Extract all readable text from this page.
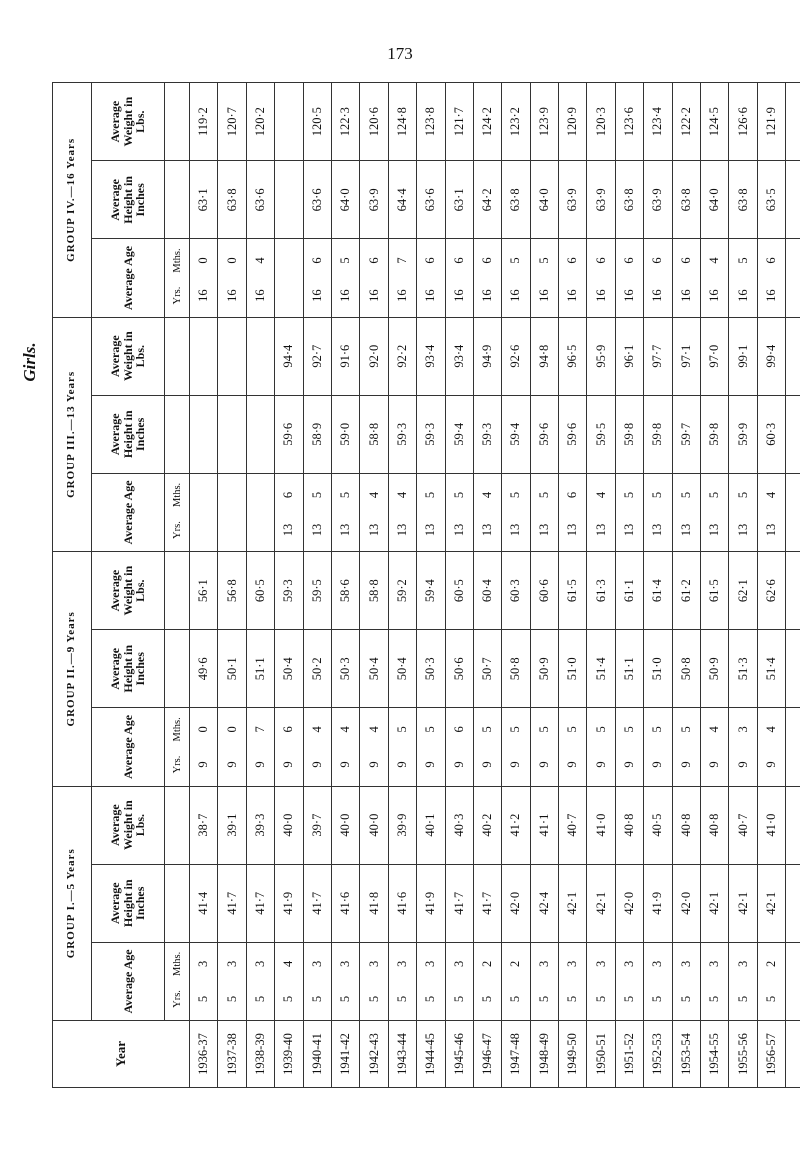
173
Girls.
Year	GROUP I.—5 Years			GROUP II.—9 Years			GROUP III.—13 Years			GROUP IV.—16 Years		
	Average Age	Average Height in Inches	Average Weight in Lbs.	Average Age	Average Height in Inches	Average Weight in Lbs.	Average Age	Average Height in Inches	Average Weight in Lbs.	Average Age	Average Height in Inches	Average Weight in Lbs.
	Yrs.Mths.			Yrs.Mths.			Yrs.Mths.			Yrs.Mths.		
1936-37	53	41·4	38·7	90	49·6	56·1				160	63·1	119·2
1937-38	53	41·7	39·1	90	50·1	56·8				160	63·8	120·7
1938-39	53	41·7	39·3	97	51·1	60·5				164	63·6	120·2
1939-40	54	41·9	40·0	96	50·4	59·3	136	59·6	94·4			
1940-41	53	41·7	39·7	94	50·2	59·5	135	58·9	92·7	166	63·6	120·5
1941-42	53	41·6	40·0	94	50·3	58·6	135	59·0	91·6	165	64·0	122·3
1942-43	53	41·8	40·0	94	50·4	58·8	134	58·8	92·0	166	63·9	120·6
1943-44	53	41·6	39·9	95	50·4	59·2	134	59·3	92·2	167	64·4	124·8
1944-45	53	41·9	40·1	95	50·3	59·4	135	59·3	93·4	166	63·6	123·8
1945-46	53	41·7	40·3	96	50·6	60·5	135	59·4	93·4	166	63·1	121·7
1946-47	52	41·7	40·2	95	50·7	60·4	134	59·3	94·9	166	64·2	124·2
1947-48	52	42·0	41·2	95	50·8	60·3	135	59·4	92·6	165	63·8	123·2
1948-49	53	42·4	41·1	95	50·9	60·6	135	59·6	94·8	165	64·0	123·9
1949-50	53	42·1	40·7	95	51·0	61·5	136	59·6	96·5	166	63·9	120·9
1950-51	53	42·1	41·0	95	51·4	61·3	134	59·5	95·9	166	63·9	120·3
1951-52	53	42·0	40·8	95	51·1	61·1	135	59·8	96·1	166	63·8	123·6
1952-53	53	41·9	40·5	95	51·0	61·4	135	59·8	97·7	166	63·9	123·4
1953-54	53	42·0	40·8	95	50·8	61·2	135	59·7	97·1	166	63·8	122·2
1954-55	53	42·1	40·8	94	50·9	61·5	135	59·8	97·0	164	64·0	124·5
1955-56	53	42·1	40·7	93	51·3	62·1	135	59·9	99·1	165	63·8	126·6
1956-57	52	42·1	41·0	94	51·4	62·6	134	60·3	99·4	166	63·5	121·9
